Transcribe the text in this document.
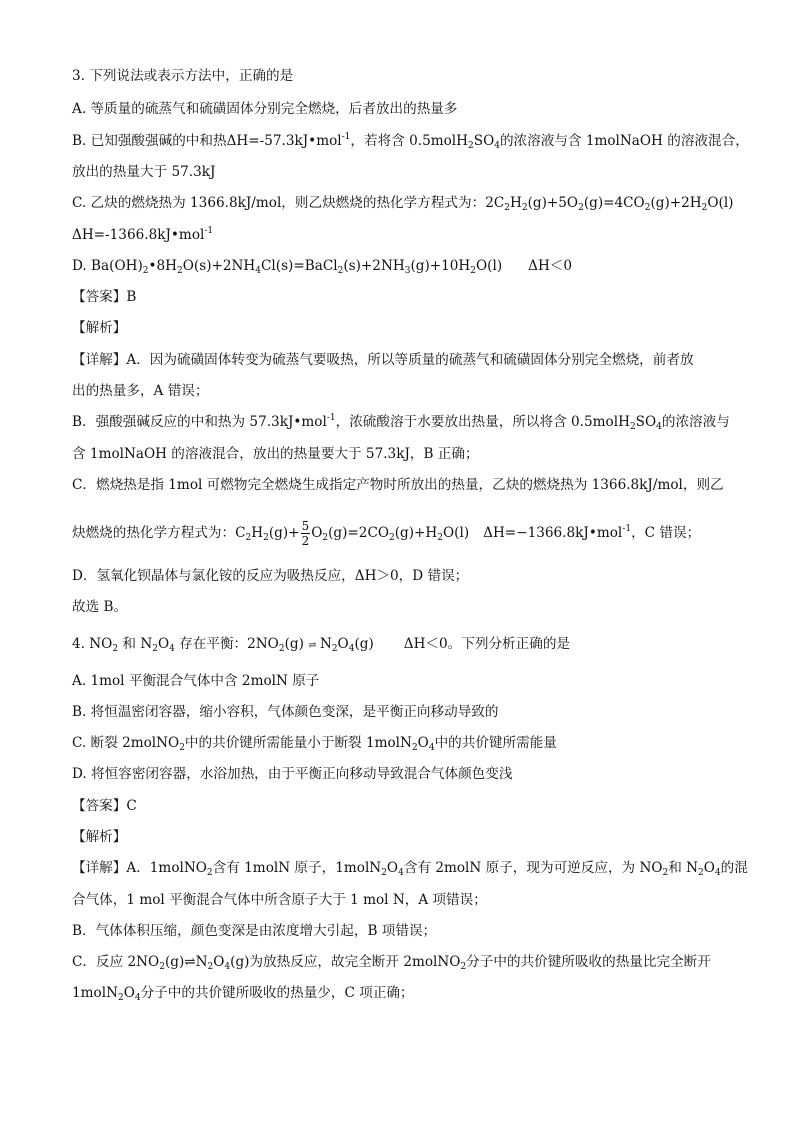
3. 下列说法或表示方法中，正确的是
A. 等质量的硫蒸气和硫磺固体分别完全燃烧，后者放出的热量多
B. 已知强酸强碱的中和热ΔH=-57.3kJ•mol$^{-1}$，若将含 $0.5molH_2SO_4$的浓溶液与含 1molNaOH 的溶液混合，
放出的热量大于 57.3kJ
C. 乙炔的燃烧热为 1366.8kJ/mol，则乙炔燃烧的热化学方程式为：$2C_2H_2(g)+5O_2(g)=4CO_2(g)+2H_2O(l)$
ΔH=-1366.8kJ•mol$^{-1}$
D. $Ba(OH)_2•8H_2O(s)+2NH_4Cl(s)=BaCl_2(s)+2NH_3(g)+10H_2O(l)$ ΔH＜0
【答案】B
【解析】
【详解】A．因为硫磺固体转变为硫蒸气要吸热，所以等质量的硫蒸气和硫磺固体分别完全燃烧，前者放
出的热量多，A 错误；
B．强酸强碱反应的中和热为 57.3kJ•mol$^{-1}$，浓硫酸溶于水要放出热量，所以将含 $0.5molH_2SO_4$的浓溶液与
含 1molNaOH 的溶液混合，放出的热量要大于 57.3kJ，B 正确；
C．燃烧热是指 1mol 可燃物完全燃烧生成指定产物时所放出的热量，乙炔的燃烧热为 1366.8kJ/mol，则乙
炔燃烧的热化学方程式为：$C_2H_2(g)+ \frac{5}{2} O_2(g)=2CO_2(g)+H_2O(l)$ ΔH=−1366.8kJ•mol$^{-1}$，C 错误；
D．氢氧化钡晶体与氯化铵的反应为吸热反应，ΔH＞0，D 错误；
故选 B。
4. $NO_2$ 和 $N_2O_4$ 存在平衡：$2NO_2(g)$ ⇌ $N_2O_4(g)$ ΔH＜0。下列分析正确的是
A. 1mol 平衡混合气体中含 2molN 原子
B. 将恒温密闭容器，缩小容积，气体颜色变深，是平衡正向移动导致的
C. 断裂 2molNO$_2$中的共价键所需能量小于断裂 $1molN_2O_4$中的共价键所需能量
D. 将恒容密闭容器，水浴加热，由于平衡正向移动导致混合气体颜色变浅
【答案】C
【解析】
【详解】A．1molNO$_2$含有 1molN 原子，$1molN_2O_4$含有 2molN 原子，现为可逆反应，为 $NO_2$和 $N_2O_4$的混
合气体，1 mol 平衡混合气体中所含原子大于 1 mol N，A 项错误；
B．气体体积压缩，颜色变深是由浓度增大引起，B 项错误；
C．反应 $2NO_2(g)\rightleftharpoons N_2O_4(g)$为放热反应，故完全断开 2molNO$_2$分子中的共价键所吸收的热量比完全断开
$1molN_2O_4$分子中的共价键所吸收的热量少，C 项正确；
